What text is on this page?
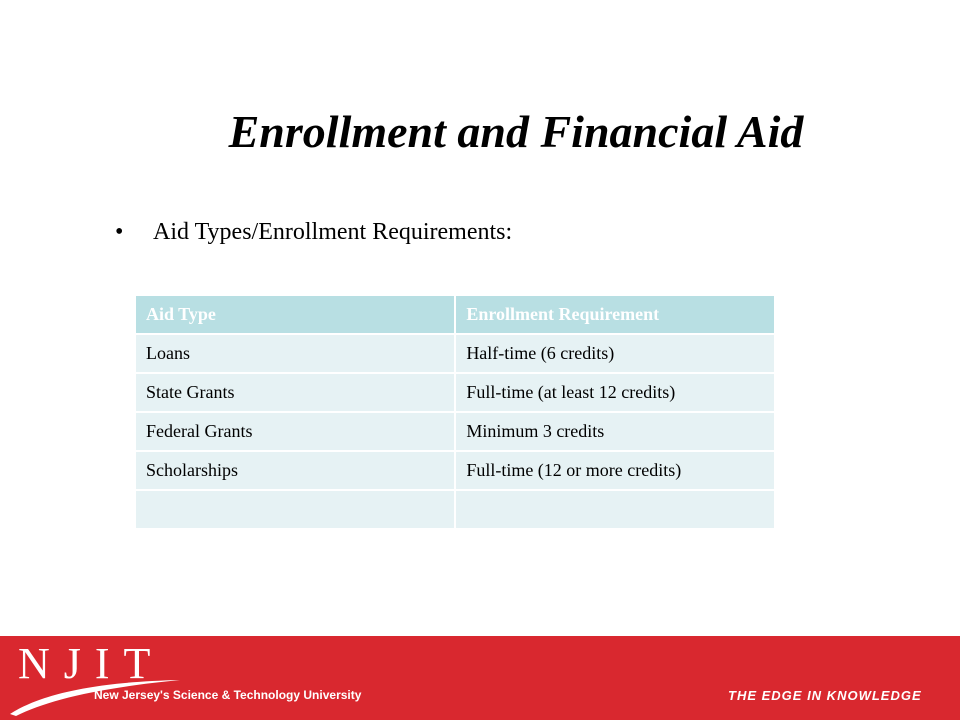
Enrollment and Financial Aid
• Aid Types/Enrollment Requirements:
Aid Type	Enrollment Requirement
Loans	Half-time (6 credits)
State Grants	Full-time (at least 12 credits)
Federal Grants	Minimum 3 credits
Scholarships	Full-time (12 or more credits)

NJIT
New Jersey's Science & Technology University	THE EDGE IN KNOWLEDGE
